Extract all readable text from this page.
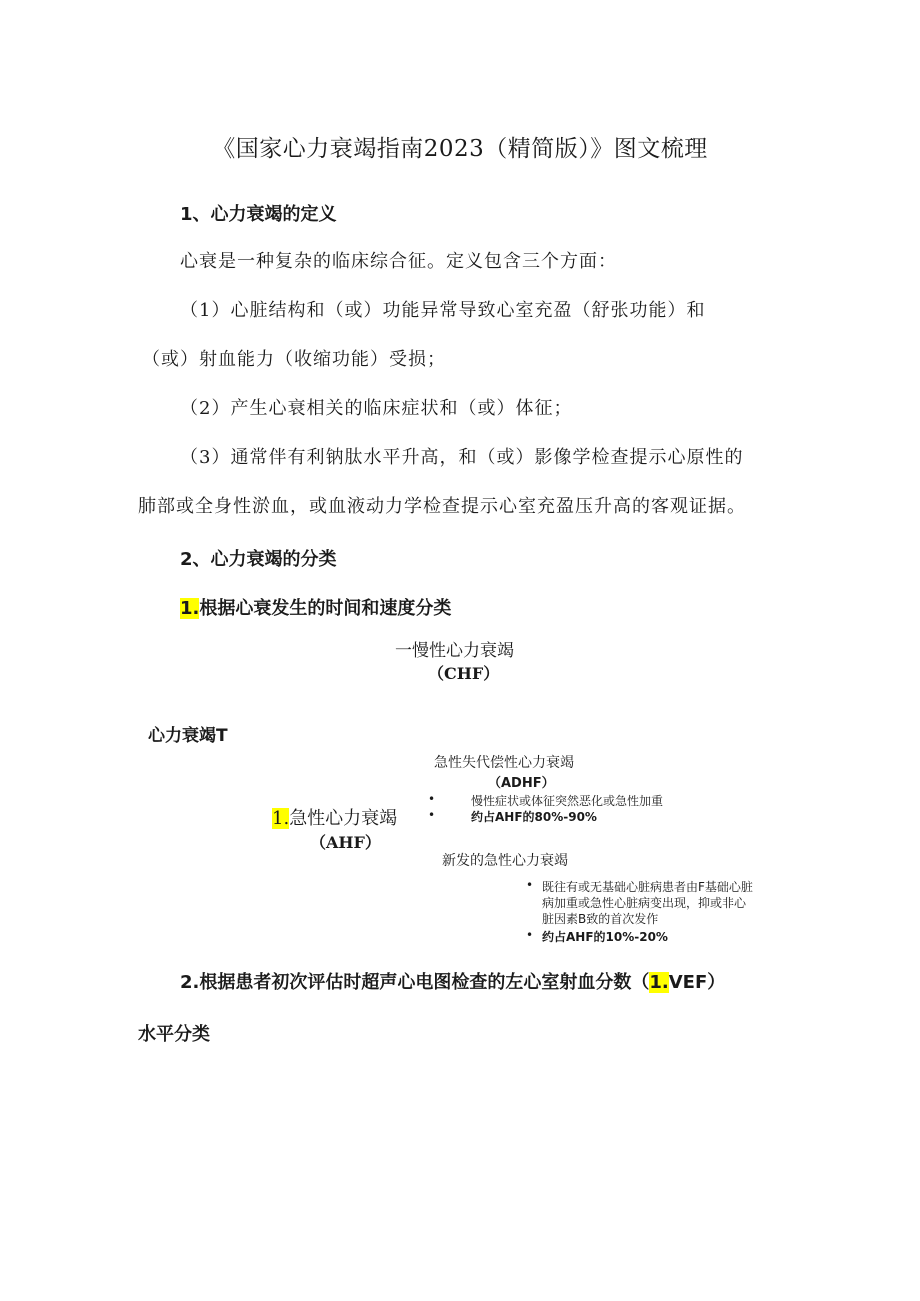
《国家心力衰竭指南2023（精简版）》图文梳理
1、心力衰竭的定义
心衰是一种复杂的临床综合征。定义包含三个方面：
（1）心脏结构和（或）功能异常导致心室充盈（舒张功能）和
（或）射血能力（收缩功能）受损；
（2）产生心衰相关的临床症状和（或）体征；
（3）通常伴有利钠肽水平升高，和（或）影像学检查提示心原性的
肺部或全身性淤血，或血液动力学检查提示心室充盈压升高的客观证据。
2、心力衰竭的分类
1.根据心衰发生的时间和速度分类
一慢性心力衰竭
（CHF）
心力衰竭T
急性失代偿性心力衰竭
（ADHF）
•	慢性症状或体征突然恶化或急性加重
•	约占AHF的80%-90%
1.急性心力衰竭
（AHF）
新发的急性心力衰竭
• 既往有或无基础心脏病患者由F基础心脏
病加重或急性心脏病变出现，抑或非心
脏因素B致的首次发作
• 约占AHF的10%-20%
2.根据患者初次评估时超声心电图检查的左心室射血分数（1.VEF）
水平分类
